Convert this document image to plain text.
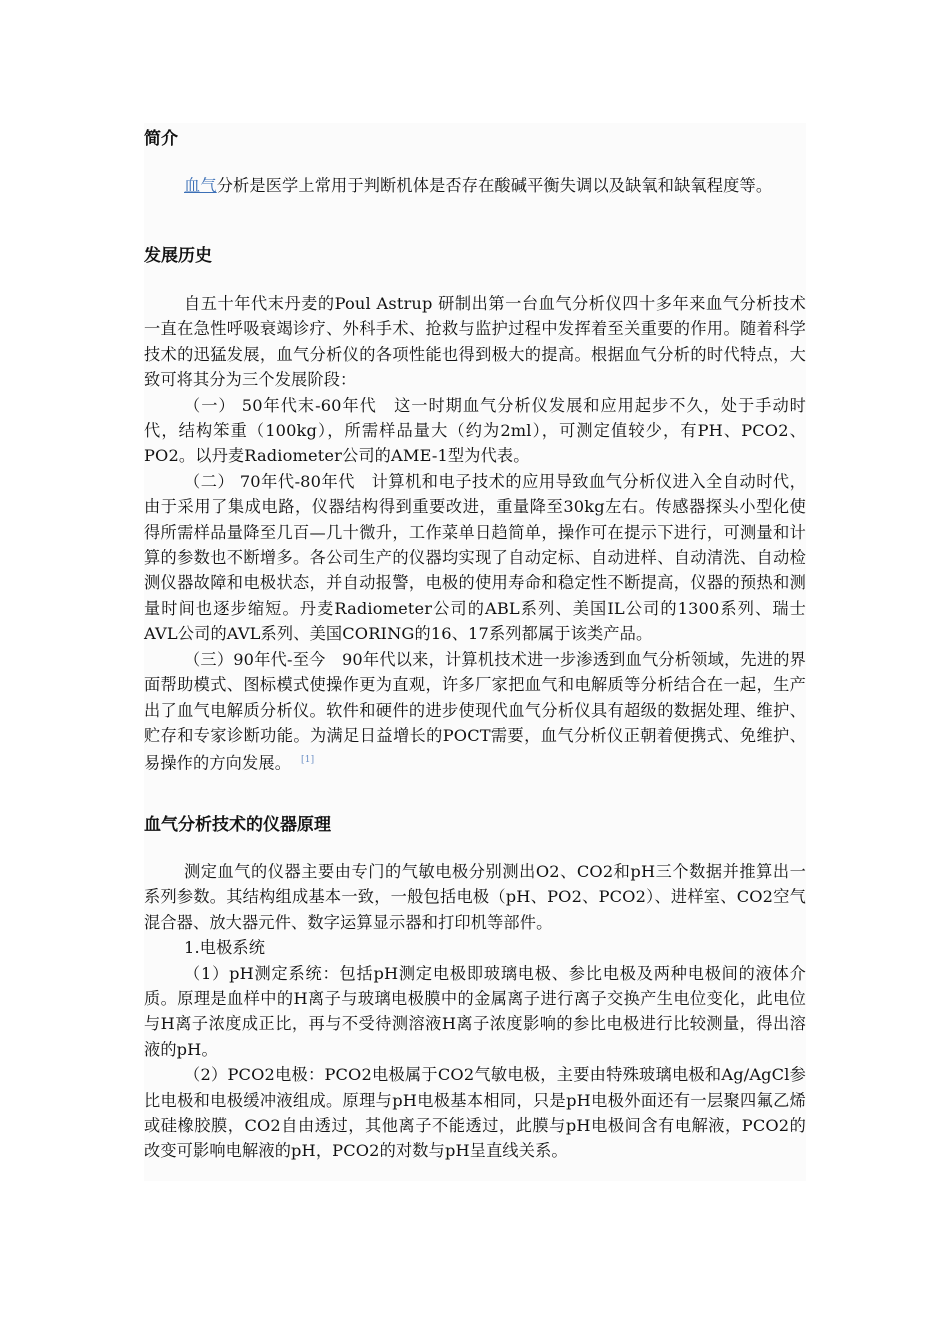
简介

血气分析是医学上常用于判断机体是否存在酸碱平衡失调以及缺氧和缺氧程度等。

发展历史

自五十年代末丹麦的Poul Astrup 研制出第一台血气分析仪四十多年来血气分析技术一直在急性呼吸衰竭诊疗、外科手术、抢救与监护过程中发挥着至关重要的作用。随着科学技术的迅猛发展，血气分析仪的各项性能也得到极大的提高。根据血气分析的时代特点，大致可将其分为三个发展阶段：

（一） 50年代末-60年代　这一时期血气分析仪发展和应用起步不久，处于手动时代，结构笨重（100kg），所需样品量大（约为2ml），可测定值较少，有PH、PCO2、PO2。以丹麦Radiometer公司的AME-1型为代表。

（二） 70年代-80年代　计算机和电子技术的应用导致血气分析仪进入全自动时代，由于采用了集成电路，仪器结构得到重要改进，重量降至30kg左右。传感器探头小型化使得所需样品量降至几百—几十微升，工作菜单日趋简单，操作可在提示下进行，可测量和计算的参数也不断增多。各公司生产的仪器均实现了自动定标、自动进样、自动清洗、自动检测仪器故障和电极状态，并自动报警，电极的使用寿命和稳定性不断提高，仪器的预热和测量时间也逐步缩短。丹麦Radiometer公司的ABL系列、美国IL公司的1300系列、瑞士AVL公司的AVL系列、美国CORING的16、17系列都属于该类产品。

（三）90年代-至今　90年代以来，计算机技术进一步渗透到血气分析领域，先进的界面帮助模式、图标模式使操作更为直观，许多厂家把血气和电解质等分析结合在一起，生产出了血气电解质分析仪。软件和硬件的进步使现代血气分析仪具有超级的数据处理、维护、贮存和专家诊断功能。为满足日益增长的POCT需要，血气分析仪正朝着便携式、免维护、易操作的方向发展。 [1]

血气分析技术的仪器原理

测定血气的仪器主要由专门的气敏电极分别测出O2、CO2和pH三个数据并推算出一系列参数。其结构组成基本一致，一般包括电极（pH、PO2、PCO2）、进样室、CO2空气混合器、放大器元件、数字运算显示器和打印机等部件。

1.电极系统

（1）pH测定系统：包括pH测定电极即玻璃电极、参比电极及两种电极间的液体介质。原理是血样中的H离子与玻璃电极膜中的金属离子进行离子交换产生电位变化，此电位与H离子浓度成正比，再与不受待测溶液H离子浓度影响的参比电极进行比较测量，得出溶液的pH。

（2）PCO2电极：PCO2电极属于CO2气敏电极，主要由特殊玻璃电极和Ag/AgCl参比电极和电极缓冲液组成。原理与pH电极基本相同，只是pH电极外面还有一层聚四氟乙烯或硅橡胶膜，CO2自由透过，其他离子不能透过，此膜与pH电极间含有电解液，PCO2的改变可影响电解液的pH，PCO2的对数与pH呈直线关系。
